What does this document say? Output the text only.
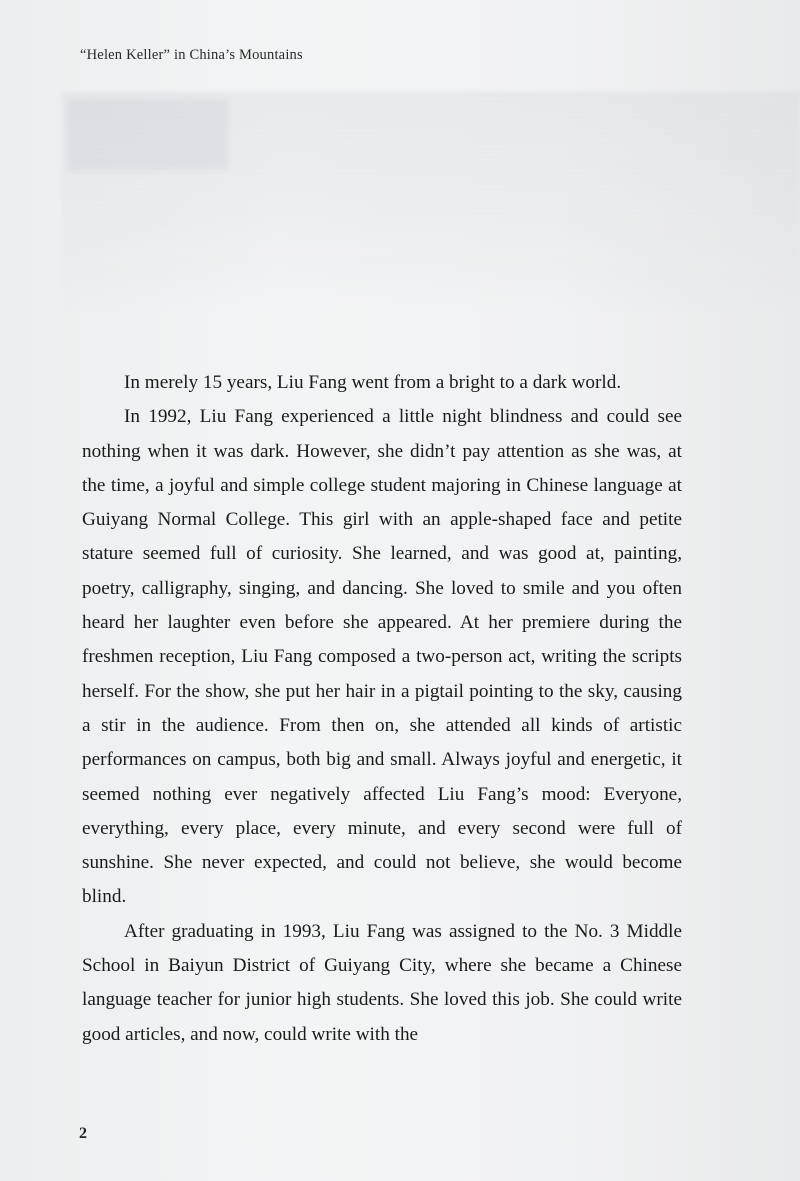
“Helen Keller” in China’s Mountains

In merely 15 years, Liu Fang went from a bright to a dark world.

In 1992, Liu Fang experienced a little night blindness and could see nothing when it was dark. However, she didn’t pay attention as she was, at the time, a joyful and simple college student majoring in Chinese language at Guiyang Normal College. This girl with an apple-shaped face and petite stature seemed full of curiosity. She learned, and was good at, painting, poetry, calligraphy, singing, and dancing. She loved to smile and you often heard her laughter even before she appeared. At her premiere during the freshmen reception, Liu Fang composed a two-person act, writing the scripts herself. For the show, she put her hair in a pigtail pointing to the sky, causing a stir in the audience. From then on, she attended all kinds of artistic performances on campus, both big and small. Always joyful and energetic, it seemed nothing ever negatively affected Liu Fang’s mood: Everyone, everything, every place, every minute, and every second were full of sunshine. She never expected, and could not believe, she would become blind.

After graduating in 1993, Liu Fang was assigned to the No. 3 Middle School in Baiyun District of Guiyang City, where she became a Chinese language teacher for junior high students. She loved this job. She could write good articles, and now, could write with the

2
